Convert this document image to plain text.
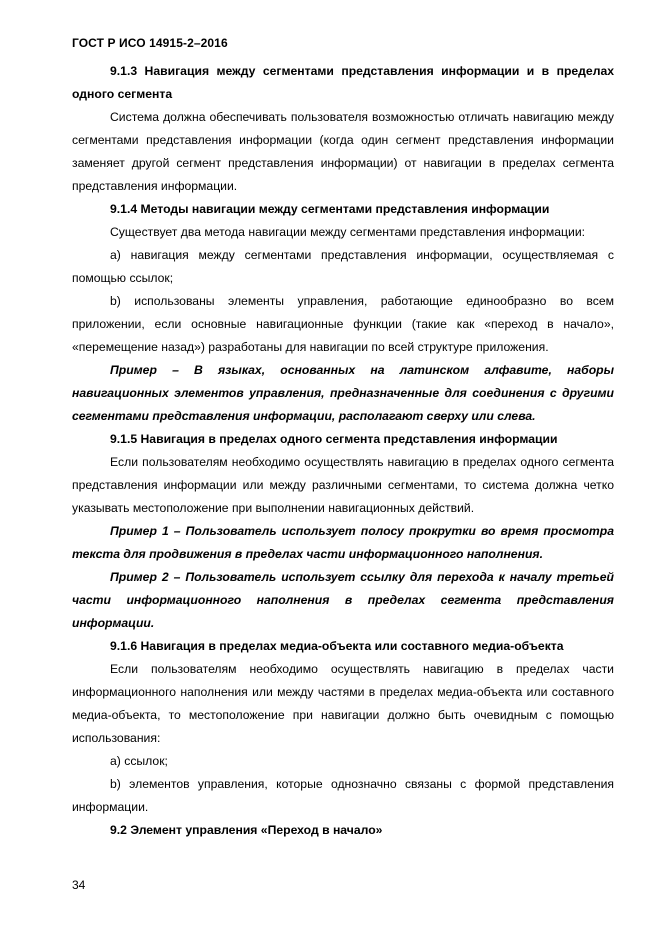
ГОСТ Р ИСО 14915-2–2016

9.1.3 Навигация между сегментами представления информации и в пределах одного сегмента

Система должна обеспечивать пользователя возможностью отличать навигацию между сегментами представления информации (когда один сегмент представления информации заменяет другой сегмент представления информации) от навигации в пределах сегмента представления информации.

9.1.4 Методы навигации между сегментами представления информации

Существует два метода навигации между сегментами представления информации:

а) навигация между сегментами представления информации, осуществляемая с помощью ссылок;

b) использованы элементы управления, работающие единообразно во всем приложении, если основные навигационные функции (такие как «переход в начало», «перемещение назад») разработаны для навигации по всей структуре приложения.

Пример – В языках, основанных на латинском алфавите, наборы навигационных элементов управления, предназначенные для соединения с другими сегментами представления информации, располагают сверху или слева.

9.1.5 Навигация в пределах одного сегмента представления информации

Если пользователям необходимо осуществлять навигацию в пределах одного сегмента представления информации или между различными сегментами, то система должна четко указывать местоположение при выполнении навигационных действий.

Пример 1 – Пользователь использует полосу прокрутки во время просмотра текста для продвижения в пределах части информационного наполнения.

Пример 2 – Пользователь использует ссылку для перехода к началу третьей части информационного наполнения в пределах сегмента представления информации.

9.1.6 Навигация в пределах медиа-объекта или составного медиа-объекта

Если пользователям необходимо осуществлять навигацию в пределах части информационного наполнения или между частями в пределах медиа-объекта или составного медиа-объекта, то местоположение при навигации должно быть очевидным с помощью использования:

а) ссылок;

b) элементов управления, которые однозначно связаны с формой представления информации.

9.2 Элемент управления «Переход в начало»

34
